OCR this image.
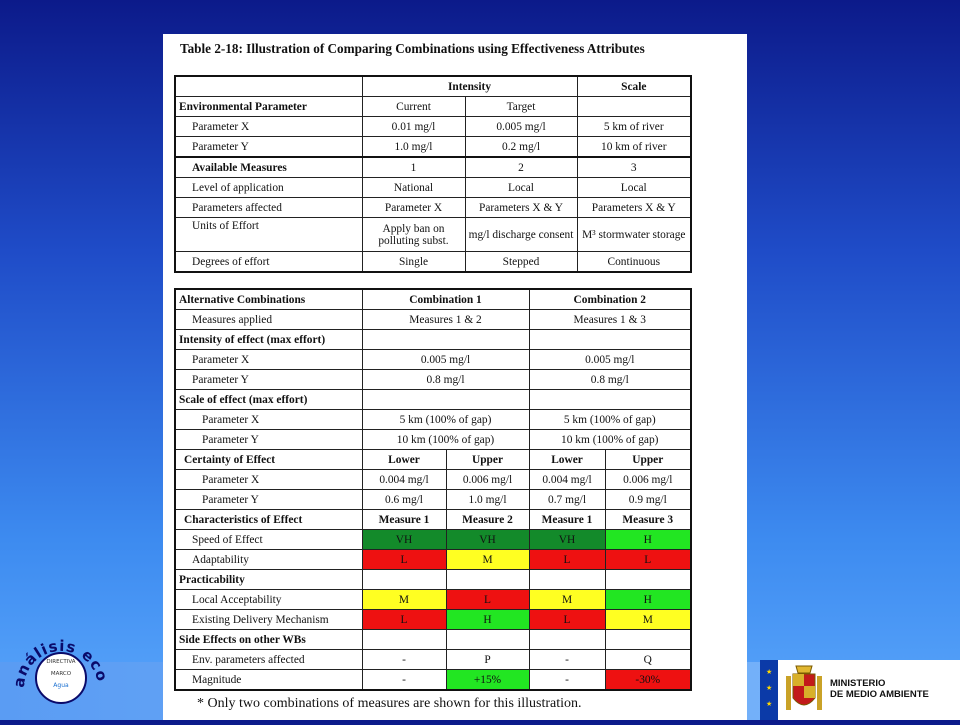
Table 2-18: Illustration of Comparing Combinations using Effectiveness Attributes
	Intensity		Scale
Environmental Parameter	Current	Target	
Parameter X	0.01 mg/l	0.005 mg/l	5 km of river
Parameter Y	1.0 mg/l	0.2 mg/l	10 km of river
Available Measures	1	2	3
Level of application	National	Local	Local
Parameters affected	Parameter X	Parameters X & Y	Parameters X & Y
Units of Effort	Apply ban on polluting subst.	mg/l discharge consent	M³ stormwater storage
Degrees of effort	Single	Stepped	Continuous
Alternative Combinations	Combination 1		Combination 2	
Measures applied	Measures 1 & 2		Measures 1 & 3	
Intensity of effect (max effort)				
Parameter X	0.005 mg/l		0.005 mg/l	
Parameter Y	0.8 mg/l		0.8 mg/l	
Scale of effect (max effort)				
Parameter X	5 km (100% of gap)		5 km (100% of gap)	
Parameter Y	10 km (100% of gap)		10 km (100% of gap)	
Certainty of Effect	Lower	Upper	Lower	Upper
Parameter X	0.004 mg/l	0.006 mg/l	0.004 mg/l	0.006 mg/l
Parameter Y	0.6 mg/l	1.0 mg/l	0.7 mg/l	0.9 mg/l
Characteristics of Effect	Measure 1	Measure 2	Measure 1	Measure 3
Speed of Effect	VH	VH	VH	H
Adaptability	L	M	L	L
Practicability				
Local Acceptability	M	L	M	H
Existing Delivery Mechanism	L	H	L	M
Side Effects on other WBs				
Env. parameters affected	-	P	-	Q
Magnitude	-	+15%	-	-30%
* Only two combinations of measures are shown for this illustration.
nálisis ec
DIRECTIVA
MARCO
Agua
★
★
★
MINISTERIO
DE MEDIO AMBIENTE
